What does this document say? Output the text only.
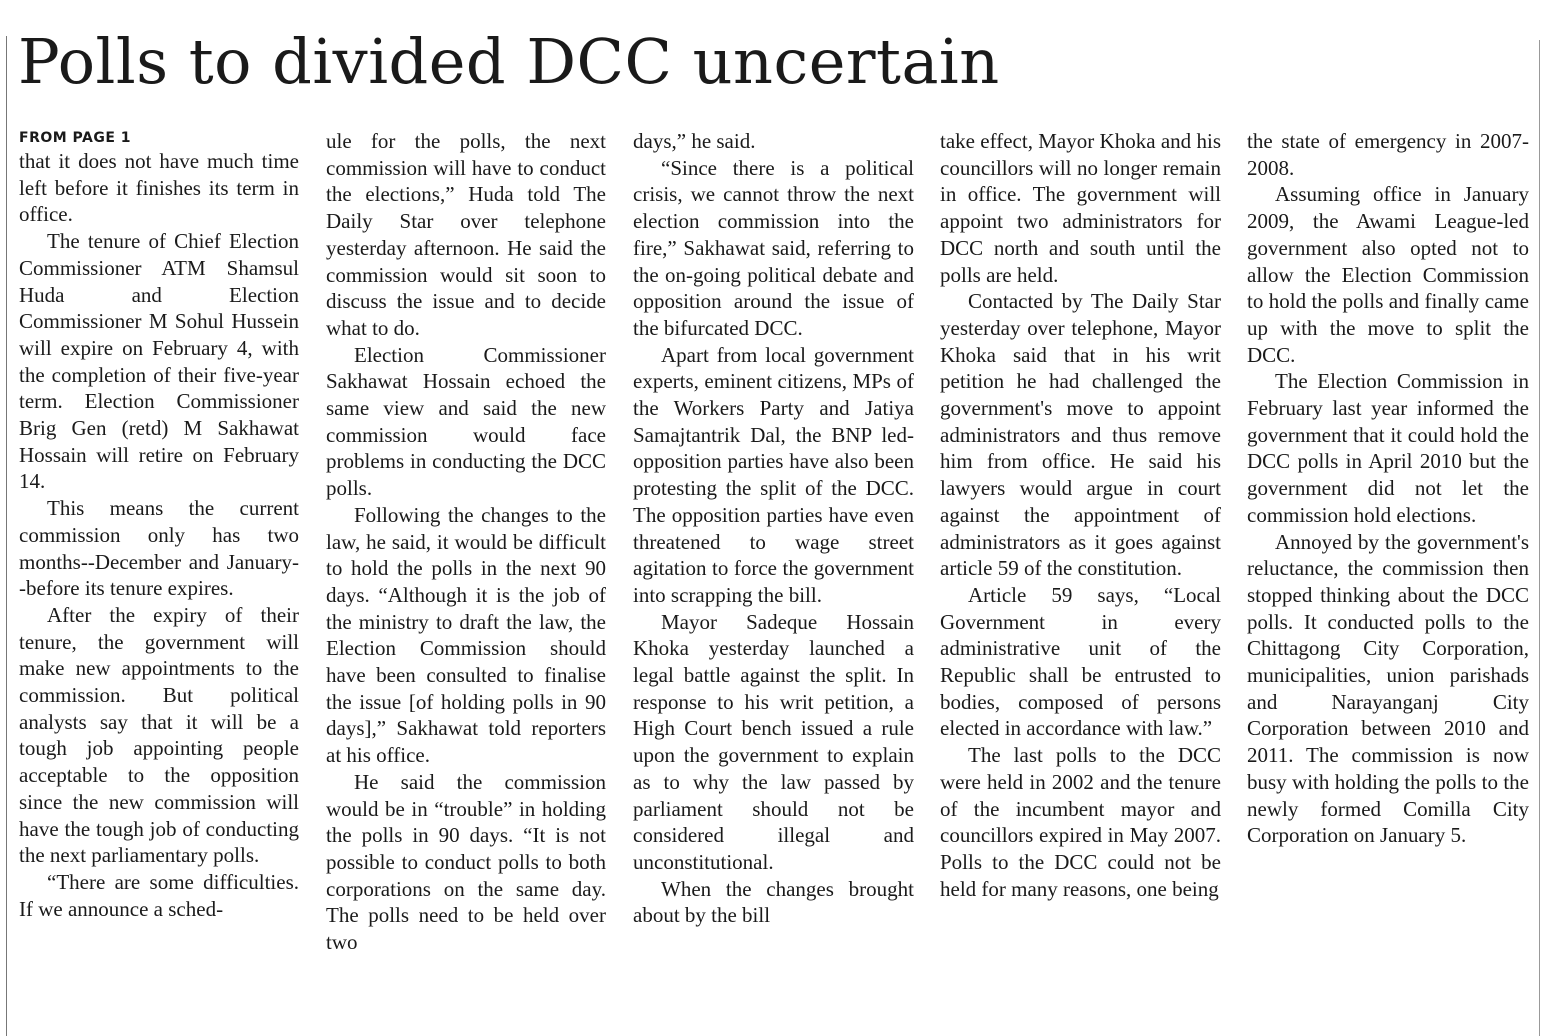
Polls to divided DCC uncertain
FROM PAGE 1

that it does not have much time left before it finishes its term in office.

The tenure of Chief Election Commissioner ATM Shamsul Huda and Election Commissioner M Sohul Hussein will expire on February 4, with the completion of their five-year term. Election Commissioner Brig Gen (retd) M Sakhawat Hossain will retire on February 14.

This means the current commission only has two months--December and January--before its tenure expires.

After the expiry of their tenure, the government will make new appointments to the commission. But political analysts say that it will be a tough job appointing people acceptable to the opposition since the new commission will have the tough job of conducting the next parliamentary polls.

“There are some difficulties. If we announce a sched-

ule for the polls, the next commission will have to conduct the elections,” Huda told The Daily Star over telephone yesterday afternoon. He said the commission would sit soon to discuss the issue and to decide what to do.

Election Commissioner Sakhawat Hossain echoed the same view and said the new commission would face problems in conducting the DCC polls.

Following the changes to the law, he said, it would be difficult to hold the polls in the next 90 days. “Although it is the job of the ministry to draft the law, the Election Commission should have been consulted to finalise the issue [of holding polls in 90 days],” Sakhawat told reporters at his office.

He said the commission would be in “trouble” in holding the polls in 90 days. “It is not possible to conduct polls to both corporations on the same day. The polls need to be held over two

days,” he said.

“Since there is a political crisis, we cannot throw the next election commission into the fire,” Sakhawat said, referring to the on-going political debate and opposition around the issue of the bifurcated DCC.

Apart from local government experts, eminent citizens, MPs of the Workers Party and Jatiya Samajtantrik Dal, the BNP led-opposition parties have also been protesting the split of the DCC. The opposition parties have even threatened to wage street agitation to force the government into scrapping the bill.

Mayor Sadeque Hossain Khoka yesterday launched a legal battle against the split. In response to his writ petition, a High Court bench issued a rule upon the government to explain as to why the law passed by parliament should not be considered illegal and unconstitutional.

When the changes brought about by the bill

take effect, Mayor Khoka and his councillors will no longer remain in office. The government will appoint two administrators for DCC north and south until the polls are held.

Contacted by The Daily Star yesterday over telephone, Mayor Khoka said that in his writ petition he had challenged the government's move to appoint administrators and thus remove him from office. He said his lawyers would argue in court against the appointment of administrators as it goes against article 59 of the constitution.

Article 59 says, “Local Government in every administrative unit of the Republic shall be entrusted to bodies, composed of persons elected in accordance with law.”

The last polls to the DCC were held in 2002 and the tenure of the incumbent mayor and councillors expired in May 2007. Polls to the DCC could not be held for many reasons, one being

the state of emergency in 2007-2008.

Assuming office in January 2009, the Awami League-led government also opted not to allow the Election Commission to hold the polls and finally came up with the move to split the DCC.

The Election Commission in February last year informed the government that it could hold the DCC polls in April 2010 but the government did not let the commission hold elections.

Annoyed by the government's reluctance, the commission then stopped thinking about the DCC polls. It conducted polls to the Chittagong City Corporation, municipalities, union parishads and Narayanganj City Corporation between 2010 and 2011. The commission is now busy with holding the polls to the newly formed Comilla City Corporation on January 5.
